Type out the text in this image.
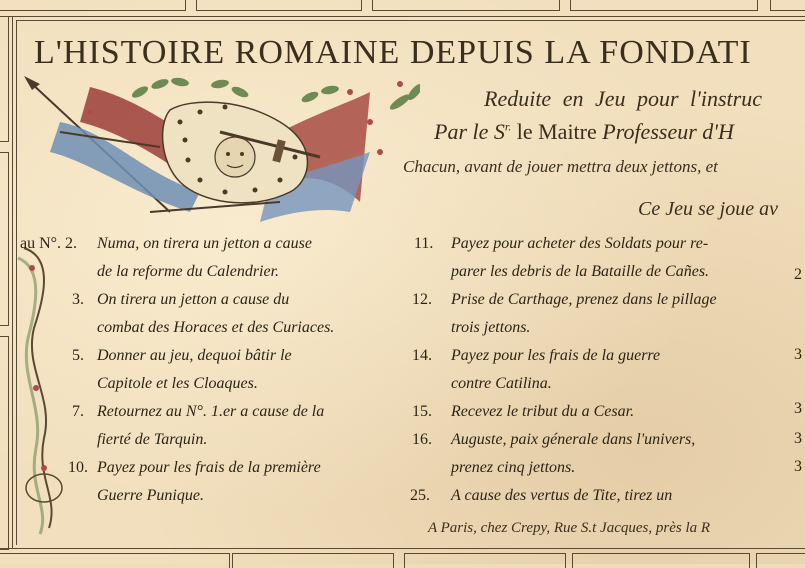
L'HISTOIRE ROMAINE DEPUIS LA FONDATI
Reduite en Jeu pour l'instruc
Par le $S^{r.}$ le Maitre Professeur d'H
Chacun, avant de jouer mettra deux jettons, et
Ce Jeu se joue av
au N°. 2. Numa, on tirera un jetton a cause
de la reforme du Calendrier.
3. On tirera un jetton a cause du
combat des Horaces et des Curiaces.
5. Donner au jeu, dequoi bâtir le
Capitole et les Cloaques.
7. Retournez au N°. 1.er a cause de la
fierté de Tarquin.
10. Payez pour les frais de la première
Guerre Punique.
11. Payez pour acheter des Soldats pour re-
parer les debris de la Bataille de Cañes.
12. Prise de Carthage, prenez dans le pillage
trois jettons.
14. Payez pour les frais de la guerre
contre Catilina.
15. Recevez le tribut du a Cesar.
16. Auguste, paix génerale dans l'univers,
prenez cinq jettons.
25. A cause des vertus de Tite, tirez un
2
3
3
3
3
A Paris, chez Crepy, Rue S.t Jacques, près la R
